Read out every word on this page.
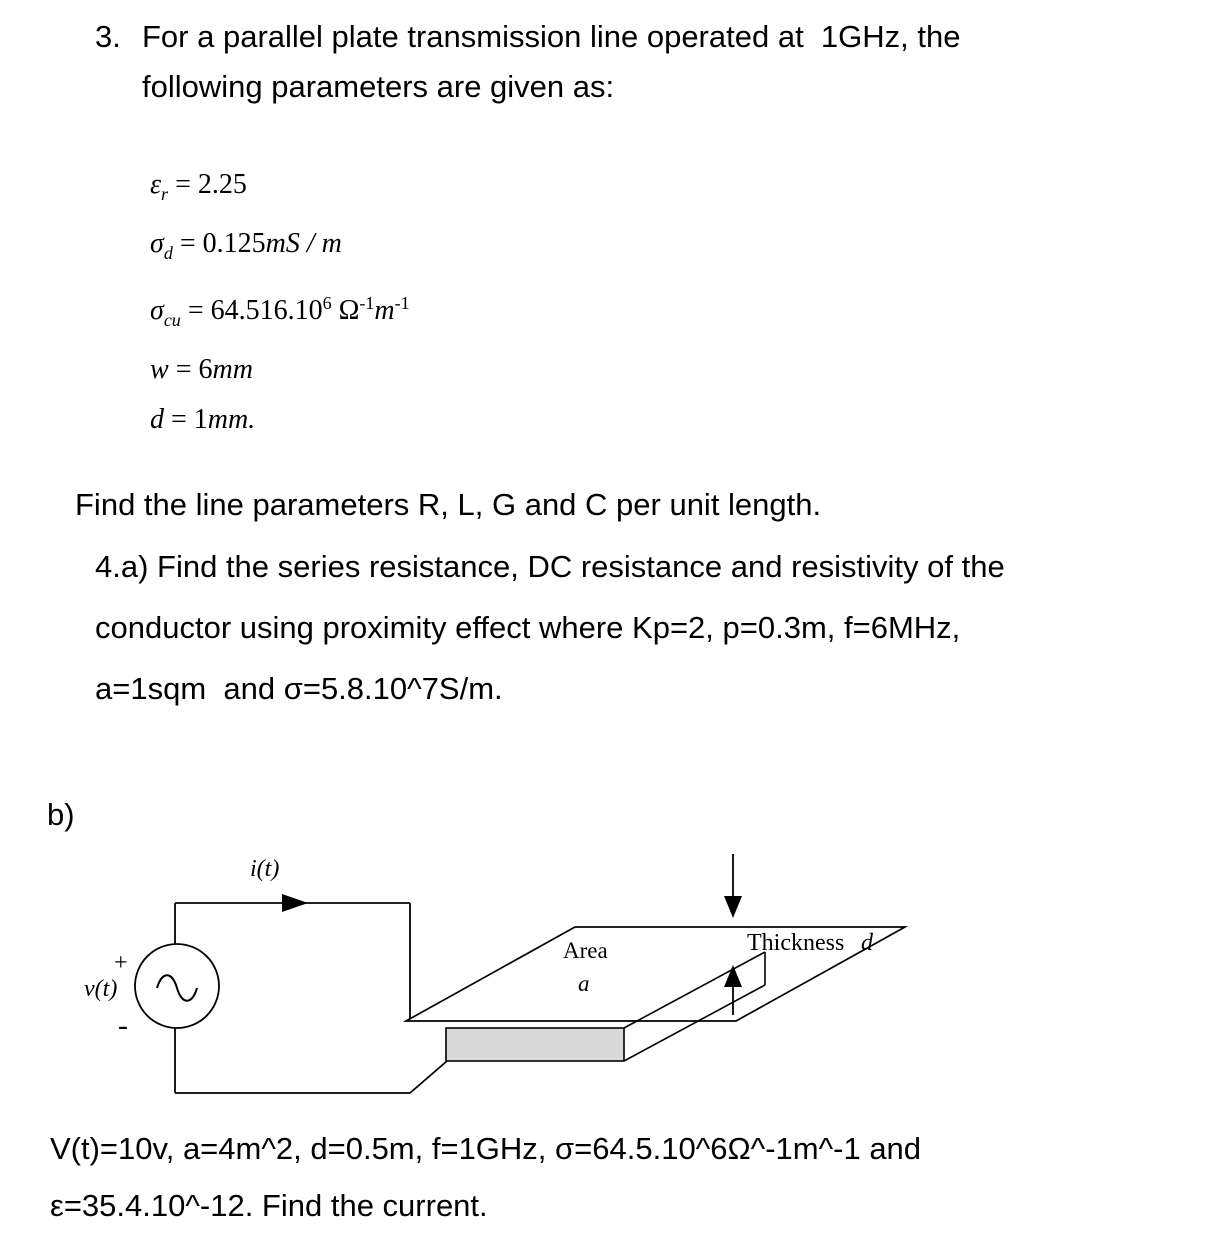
3. For a parallel plate transmission line operated at  1GHz, the
following parameters are given as:
$\varepsilon_r = 2.25$
$\sigma_d = 0.125mS / m$
$\sigma_{cu} = 64.516.10^6$ $\Omega^{-1}m^{-1}$
w = 6mm
d = 1mm.
Find the line parameters R, L, G and C per unit length.
4.a) Find the series resistance, DC resistance and resistivity of the
conductor using proximity effect where Kp=2, p=0.3m, f=6MHz,
a=1sqm  and σ=5.8.10^7S/m.
b)
i(t)
+
v(t)
-
Thickness d
Area
a
V(t)=10v, a=4m^2, d=0.5m, f=1GHz, σ=64.5.10^6Ω^-1m^-1 and
ε=35.4.10^-12. Find the current.
